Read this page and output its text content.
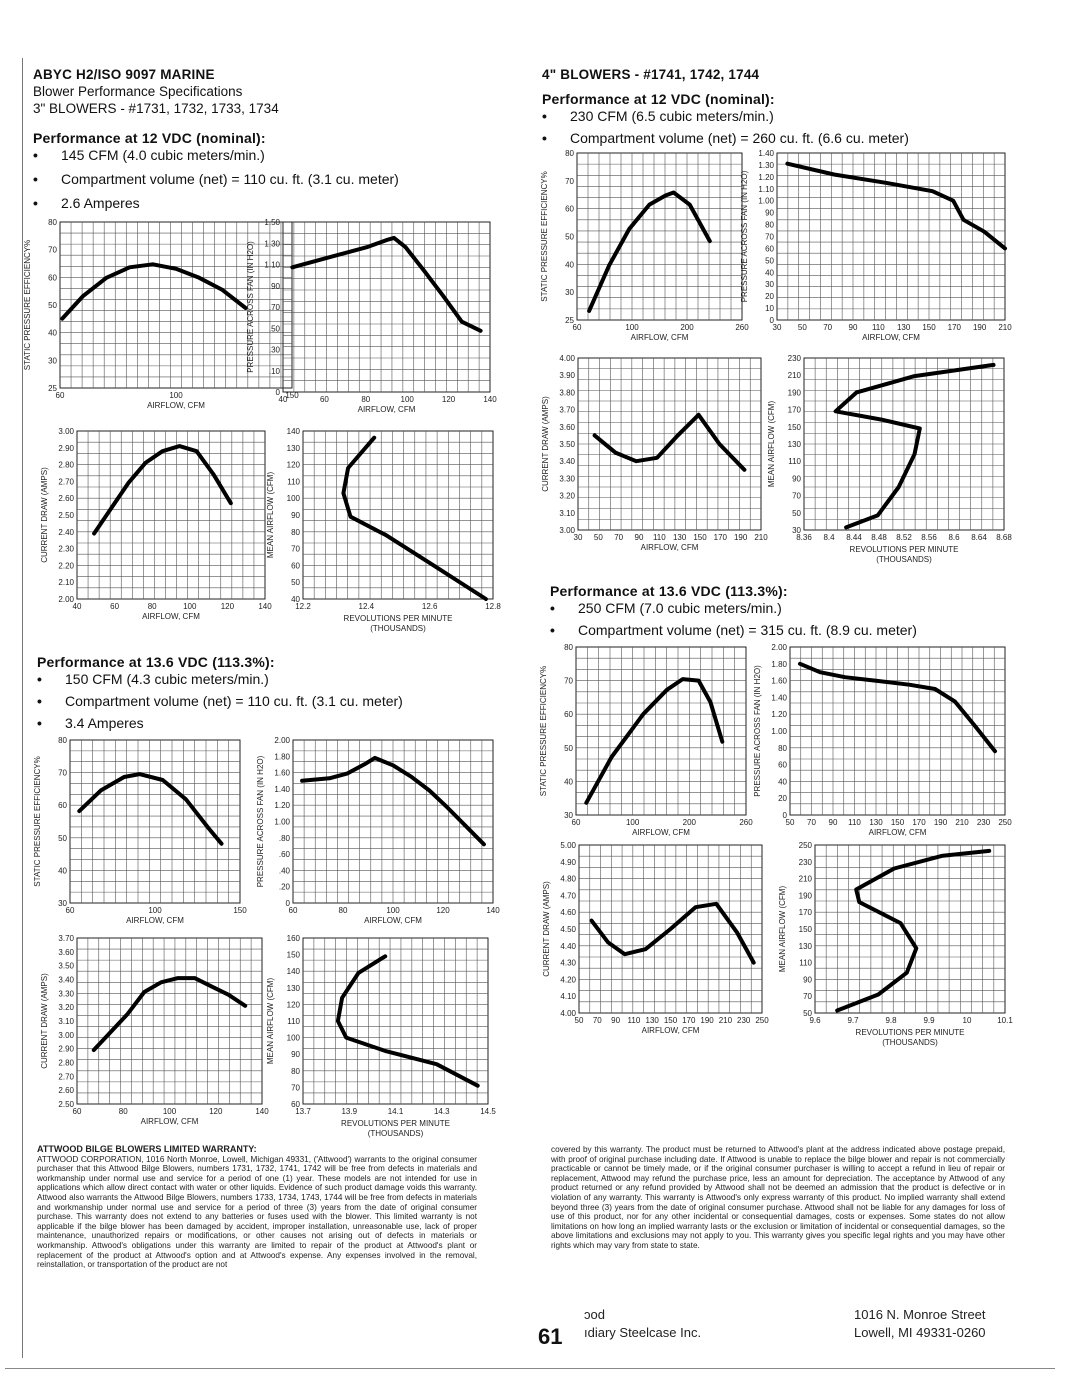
ABYC H2/ISO 9097 MARINE
Blower Performance Specifications
3" BLOWERS - #1731, 1732, 1733, 1734
Performance at 12 VDC (nominal):
• 145 CFM (4.0 cubic meters/min.)
• Compartment volume (net) = 110 cu. ft. (3.1 cu. meter)
• 2.6 Amperes
Performance at 13.6 VDC (113.3%):
• 150 CFM (4.3 cubic meters/min.)
• Compartment volume (net) = 110 cu. ft. (3.1 cu. meter)
• 3.4 Amperes
4" BLOWERS - #1741, 1742, 1744
Performance at 12 VDC (nominal):
• 230 CFM (6.5 cubic meters/min.)
• Compartment volume (net) = 260 cu. ft. (6.6 cu. meter)
Performance at 13.6 VDC (113.3%):
• 250 CFM (7.0 cubic meters/min.)
• Compartment volume (net) = 315 cu. ft. (8.9 cu. meter)
80
70
60
50
40
30
25
60	100	150
AIRFLOW, CFM
STATIC PRESSURE EFFICIENCY%
1.50
1.30
1.10
90
.70
.50
.30
.10
0
40	60	80	100	120	140
AIRFLOW, CFM
PRESSURE ACROSS FAN (IN H2O)
3.00
2.90
2.80
2.70
2.60
2.50
2.40
2.30
2.20
2.10
2.00
40	60	80	100	120	140
AIRFLOW, CFM
CURRENT DRAW (AMPS)
140
130
120
110
100
90
80
70
60
50
40
12.2	12.4	12.6	12.8
REVOLUTIONS PER MINUTE (THOUSANDS)
MEAN AIRFLOW (CFM)
80
70
60
50
40
30
60	100	150
AIRFLOW, CFM
STATIC PRESSURE EFFICIENCY%
2.00
1.80
1.60
1.40
1.20
1.00
.80
.60
.40
.20
0
60	80	100	120	140
AIRFLOW, CFM
PRESSURE ACROSS FAN (IN H2O)
3.70
3.60
3.50
3.40
3.30
3.20
3.10
3.00
2.90
2.80
2.70
2.60
2.50
60	80	100	120	140
AIRFLOW, CFM
CURRENT DRAW (AMPS)
160
150
140
130
120
110
100
90
80
70
60
13.7	13.9	14.1	14.3	14.5
REVOLUTIONS PER MINUTE (THOUSANDS)
MEAN AIRFLOW (CFM)
80
70
60
50
40
30
25
60	100	200	260
AIRFLOW, CFM
STATIC PRESSURE EFFICIENCY%
1.40
1.30
1.20
1.10
1.00
90
80
70
60
50
40
30
20
10
0
30 50 70 90 110 130 150 170 190 210
AIRFLOW, CFM
PRESSURE ACROSS FAN (IN H2O)
4.00
3.90
3.80
3.70
3.60
3.50
3.40
3.30
3.20
3.10
3.00
30 50 70 90 110 130 150 170 190 210
AIRFLOW, CFM
CURRENT DRAW (AMPS)
230
210
190
170
150
130
110
90
70
50
30
8.36 8.4 8.44 8.48 8.52 8.56 8.6 8.64 8.68
REVOLUTIONS PER MINUTE (THOUSANDS)
MEAN AIRFLOW (CFM)
80
70
60
50
40
30
60	100	200	260
AIRFLOW, CFM
STATIC PRESSURE EFFICIENCY%
2.00
1.80
1.60
1.40
1.20
1.00
80
60
40
20
0
50 70 90 110 130 150 170 190 210 230 250
AIRFLOW, CFM
PRESSURE ACROSS FAN (IN H2O)
5.00
4.90
4.80
4.70
4.60
4.50
4.40
4.30
4.20
4.10
4.00
50 70 90 110 130 150 170 190 210 230 250
AIRFLOW, CFM
CURRENT DRAW (AMPS)
250
230
210
190
170
150
130
110
90
70
50
9.6	9.7	9.8	9.9	10	10.1
REVOLUTIONS PER MINUTE (THOUSANDS)
MEAN AIRFLOW (CFM)
ATTWOOD BILGE BLOWERS LIMITED WARRANTY:
ATTWOOD CORPORATION, 1016 North Monroe, Lowell, Michigan 49331, ('Attwood') warrants to the original consumer purchaser that this Attwood Bilge Blowers, numbers 1731, 1732, 1741, 1742 will be free from defects in materials and workmanship under normal use and service for a period of one (1) year. These models are not intended for use in applications which allow direct contact with water or other liquids. Evidence of such product damage voids this warranty. Attwood also warrants the Attwood Bilge Blowers, numbers 1733, 1734, 1743, 1744 will be free from defects in materials and workmanship under normal use and service for a period of three (3) years from the date of original consumer purchase. This warranty does not extend to any batteries or fuses used with the blower. This limited warranty is not applicable if the bilge blower has been damaged by accident, improper installation, unreasonable use, lack of proper maintenance, unauthorized repairs or modifications, or other causes not arising out of defects in materials or workmanship. Attwood's obligations under this warranty are limited to repair of the product at Attwood's plant or replacement of the product at Attwood's option and at Attwood's expense. Any expenses involved in the removal, reinstallation, or transportation of the product are not
covered by this warranty. The product must be returned to Attwood's plant at the address indicated above postage prepaid, with proof of original purchase including date. If Attwood is unable to replace the bilge blower and repair is not commercially practicable or cannot be timely made, or if the original consumer purchaser is willing to accept a refund in lieu of repair or replacement, Attwood may refund the purchase price, less an amount for depreciation. The acceptance by Attwood of any product returned or any refund provided by Attwood shall not be deemed an admission that the product is defective or in violation of any warranty. This warranty is Attwood's only express warranty of this product. No implied warranty shall extend beyond three (3) years from the date of original consumer purchase. Attwood shall not be liable for any damages for loss of use of this product, nor for any other incidental or consequential damages, costs or expenses. Some states do not allow limitations on how long an implied warranty lasts or the exclusion or limitation of incidental or consequential damages, so the above limitations and exclusions may not apply to you. This warranty gives you specific legal rights and you may have other rights which may vary from state to state.
61
ɔod
ıdiary Steelcase Inc.
1016 N. Monroe Street
Lowell, MI 49331-0260
